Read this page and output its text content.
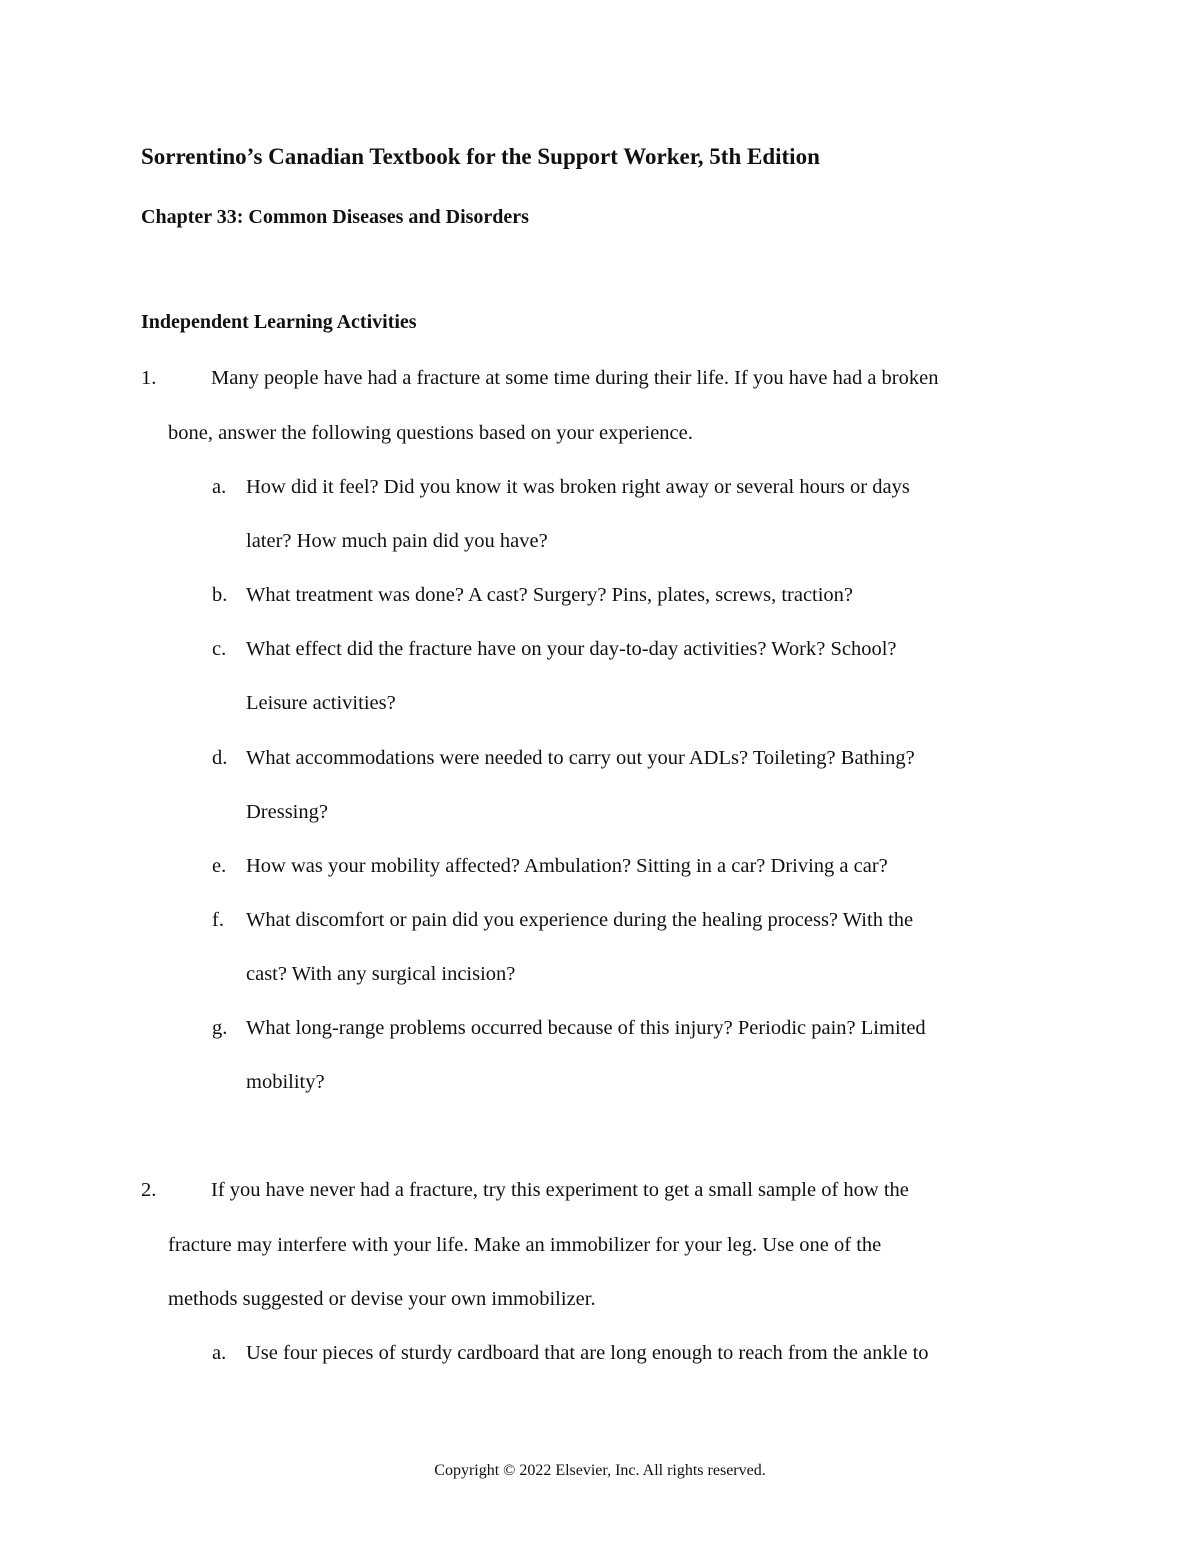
Sorrentino’s Canadian Textbook for the Support Worker, 5th Edition
Chapter 33: Common Diseases and Disorders
Independent Learning Activities
1.	Many people have had a fracture at some time during their life. If you have had a broken
bone, answer the following questions based on your experience.
a. How did it feel? Did you know it was broken right away or several hours or days
later? How much pain did you have?
b. What treatment was done? A cast? Surgery? Pins, plates, screws, traction?
c. What effect did the fracture have on your day-to-day activities? Work? School?
Leisure activities?
d. What accommodations were needed to carry out your ADLs? Toileting? Bathing?
Dressing?
e. How was your mobility affected? Ambulation? Sitting in a car? Driving a car?
f. What discomfort or pain did you experience during the healing process? With the
cast? With any surgical incision?
g. What long-range problems occurred because of this injury? Periodic pain? Limited
mobility?
2.	If you have never had a fracture, try this experiment to get a small sample of how the
fracture may interfere with your life. Make an immobilizer for your leg. Use one of the
methods suggested or devise your own immobilizer.
a. Use four pieces of sturdy cardboard that are long enough to reach from the ankle to
Copyright © 2022 Elsevier, Inc. All rights reserved.
